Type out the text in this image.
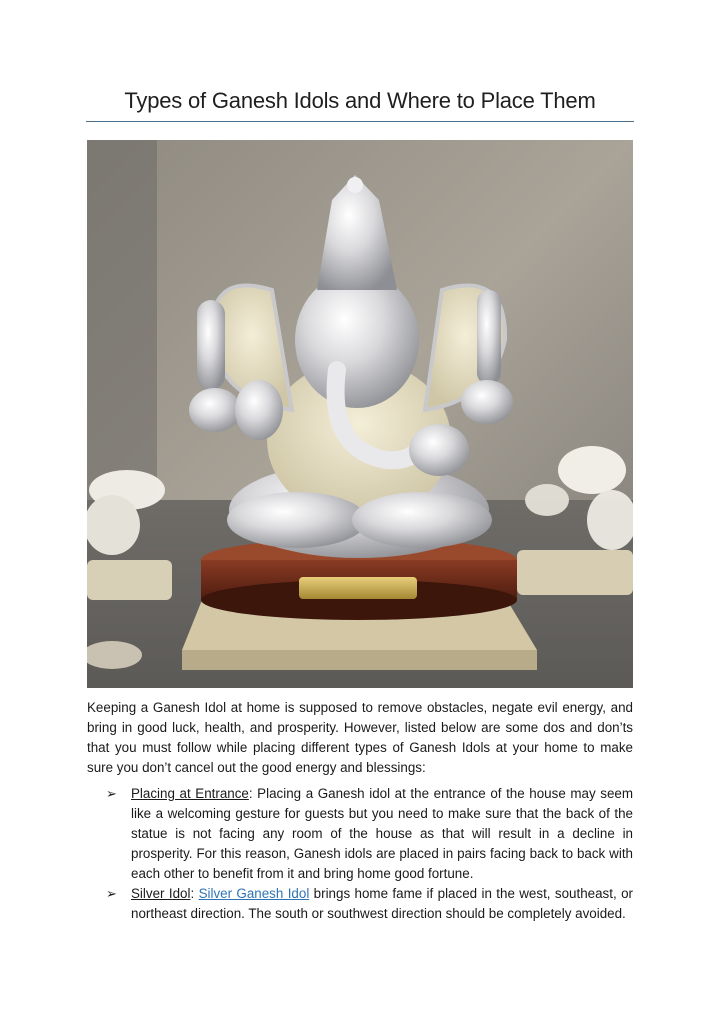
Types of Ganesh Idols and Where to Place Them

Keeping a Ganesh Idol at home is supposed to remove obstacles, negate evil energy, and bring in good luck, health, and prosperity. However, listed below are some dos and don’ts that you must follow while placing different types of Ganesh Idols at your home to make sure you don’t cancel out the good energy and blessings:

➢ Placing at Entrance: Placing a Ganesh idol at the entrance of the house may seem like a welcoming gesture for guests but you need to make sure that the back of the statue is not facing any room of the house as that will result in a decline in prosperity. For this reason, Ganesh idols are placed in pairs facing back to back with each other to benefit from it and bring home good fortune.
➢ Silver Idol: Silver Ganesh Idol brings home fame if placed in the west, southeast, or northeast direction. The south or southwest direction should be completely avoided.
